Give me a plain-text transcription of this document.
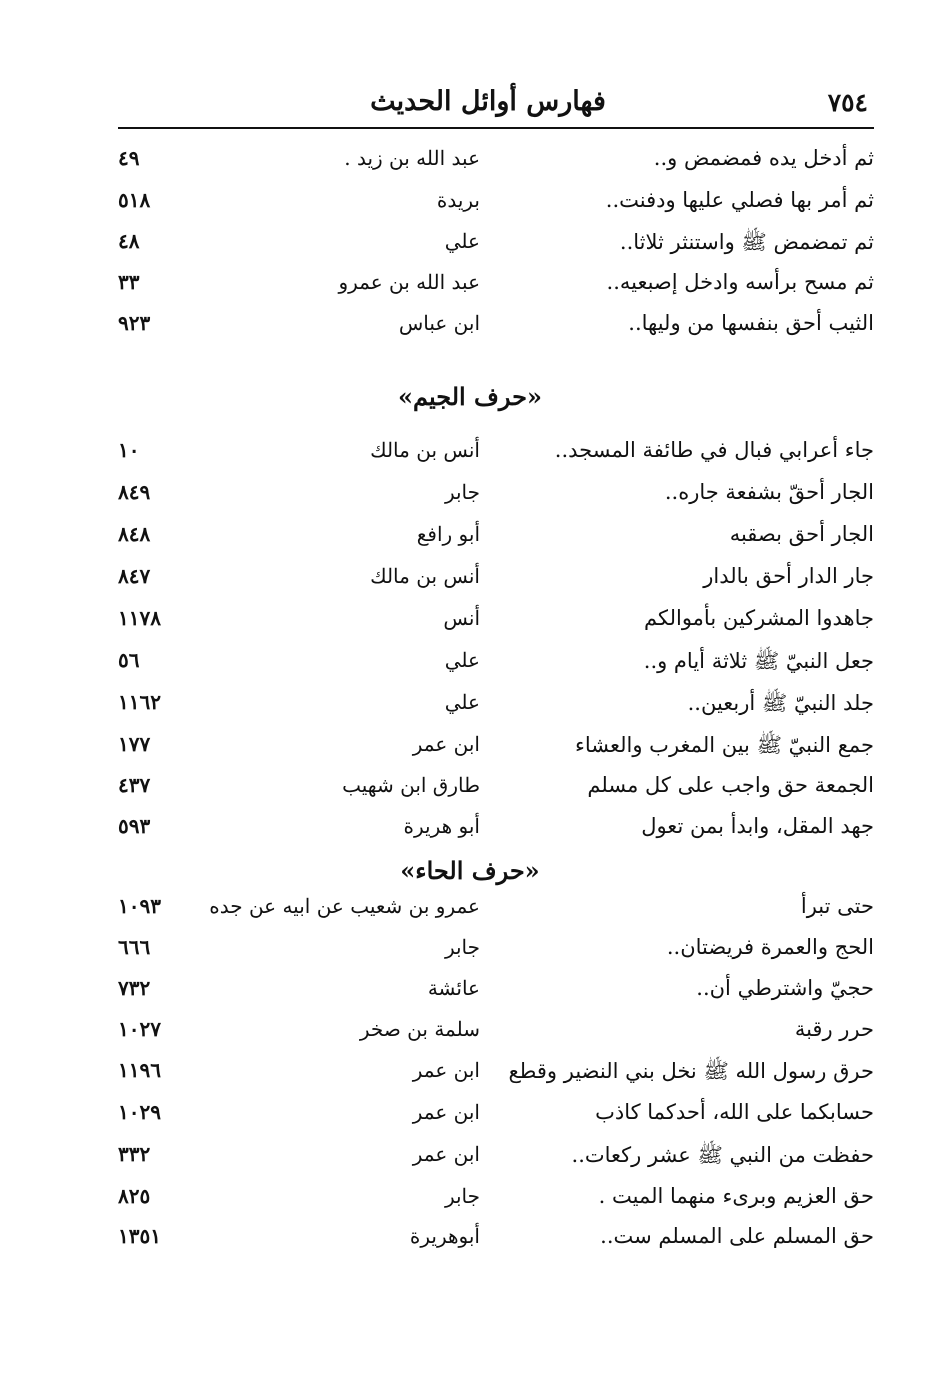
٧٥٤
فهارس أوائل الحديث
ثم أدخل يده فمضمض و..
عبد الله بن زيد .
٤٩
ثم أمر بها فصلي عليها ودفنت..
بريدة
٥١٨
ثم تمضمض ﷺ واستنثر ثلاثا..
علي
٤٨
ثم مسح برأسه وادخل إصبعيه..
عبد الله بن عمرو
٣٣
الثيب أحق بنفسها من وليها..
ابن عباس
٩٢٣
«حرف الجيم»
جاء أعرابي فبال في طائفة المسجد..
أنس بن مالك
١٠
الجار أحقّ بشفعة جاره..
جابر
٨٤٩
الجار أحق بصقبه
أبو رافع
٨٤٨
جار الدار أحق بالدار
أنس بن مالك
٨٤٧
جاهدوا المشركين بأموالكم
أنس
١١٧٨
جعل النبيّ ﷺ ثلاثة أيام و..
علي
٥٦
جلد النبيّ ﷺ أربعين..
علي
١١٦٢
جمع النبيّ ﷺ بين المغرب والعشاء
ابن عمر
١٧٧
الجمعة حق واجب على كل مسلم
طارق ابن شهيب
٤٣٧
جهد المقل، وابدأ بمن تعول
أبو هريرة
٥٩٣
«حرف الحاء»
حتى تبرأ
عمرو بن شعيب عن ابيه عن جده
١٠٩٣
الحج والعمرة فريضتان..
جابر
٦٦٦
حجيّ واشترطي أن..
عائشة
٧٣٢
حرر رقبة
سلمة بن صخر
١٠٢٧
حرق رسول الله ﷺ نخل بني النضير وقطع
ابن عمر
١١٩٦
حسابكما على الله، أحدكما كاذب
ابن عمر
١٠٢٩
حفظت من النبي ﷺ عشر ركعات..
ابن عمر
٣٣٢
حق العزيم وبرىء منهما الميت .
جابر
٨٢٥
حق المسلم على المسلم ست..
أبوهريرة
١٣٥١
